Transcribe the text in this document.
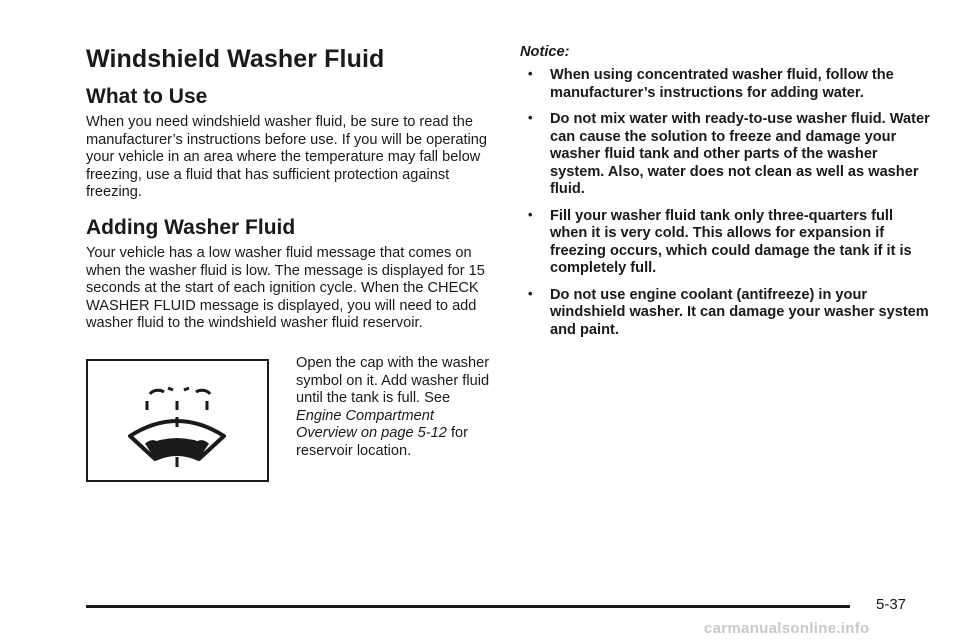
Windshield Washer Fluid
What to Use

When you need windshield washer fluid, be sure to read the manufacturer’s instructions before use. If you will be operating your vehicle in an area where the temperature may fall below freezing, use a fluid that has sufficient protection against freezing.

Adding Washer Fluid

Your vehicle has a low washer fluid message that comes on when the washer fluid is low. The message is displayed for 15 seconds at the start of each ignition cycle. When the CHECK WASHER FLUID message is displayed, you will need to add washer fluid to the windshield washer fluid reservoir.

Open the cap with the washer symbol on it. Add washer fluid until the tank is full. See Engine Compartment Overview on page 5-12 for reservoir location.
Notice:
• When using concentrated washer fluid, follow the manufacturer’s instructions for adding water.
• Do not mix water with ready-to-use washer fluid. Water can cause the solution to freeze and damage your washer fluid tank and other parts of the washer system. Also, water does not clean as well as washer fluid.
• Fill your washer fluid tank only three-quarters full when it is very cold. This allows for expansion if freezing occurs, which could damage the tank if it is completely full.
• Do not use engine coolant (antifreeze) in your windshield washer. It can damage your washer system and paint.
5-37
carmanualsonline.info
